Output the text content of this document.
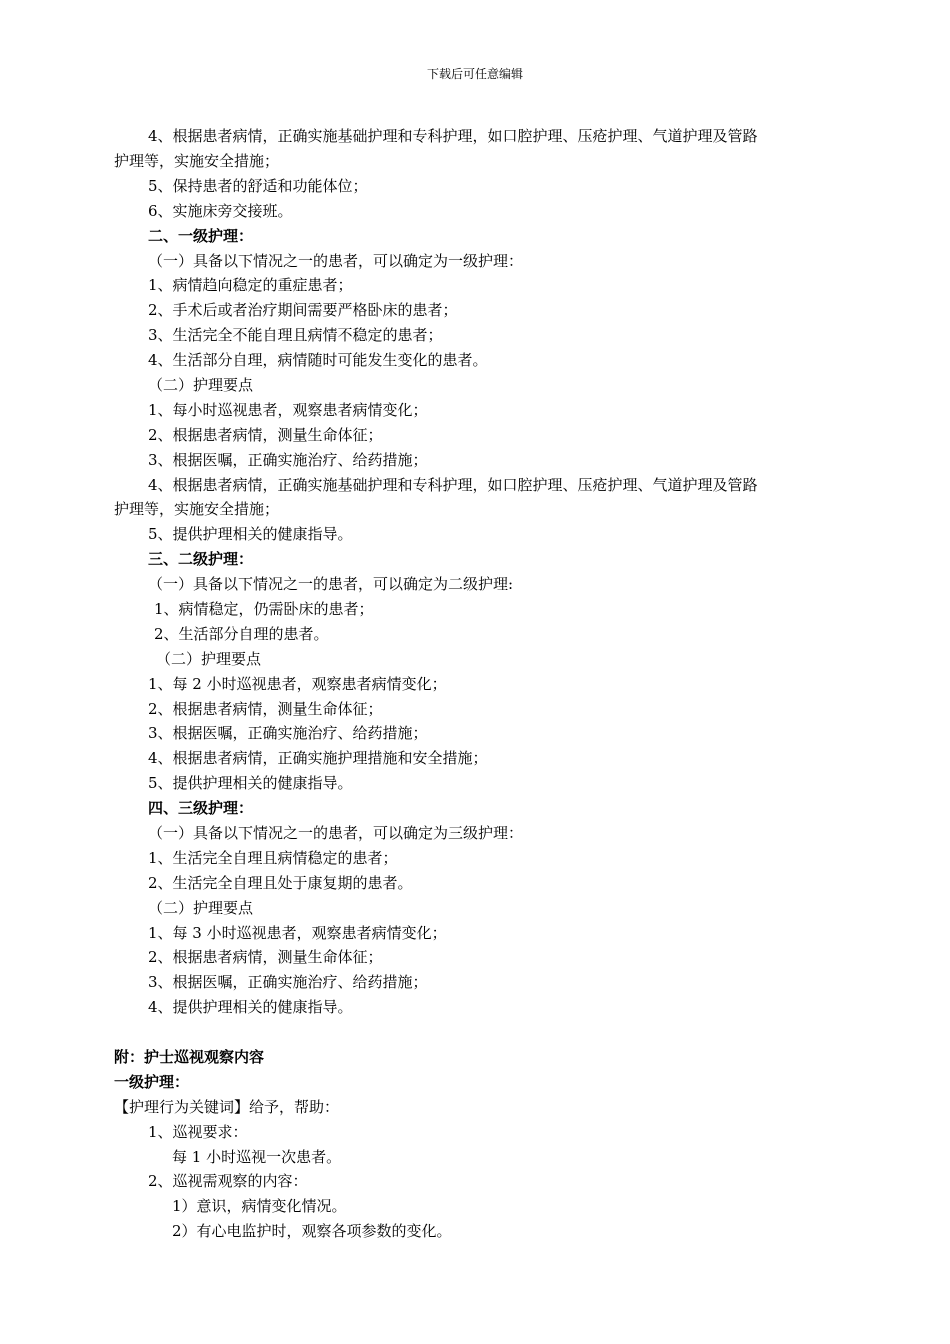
下载后可任意编辑
4、根据患者病情，正确实施基础护理和专科护理，如口腔护理、压疮护理、气道护理及管路
护理等，实施安全措施；
5、保持患者的舒适和功能体位；
6、实施床旁交接班。
二、一级护理：
（一）具备以下情况之一的患者，可以确定为一级护理：
1、病情趋向稳定的重症患者；
2、手术后或者治疗期间需要严格卧床的患者；
3、生活完全不能自理且病情不稳定的患者；
4、生活部分自理，病情随时可能发生变化的患者。
（二）护理要点
1、每小时巡视患者，观察患者病情变化；
2、根据患者病情，测量生命体征；
3、根据医嘱，正确实施治疗、给药措施；
4、根据患者病情，正确实施基础护理和专科护理，如口腔护理、压疮护理、气道护理及管路
护理等，实施安全措施；
5、提供护理相关的健康指导。
三、二级护理：
（一）具备以下情况之一的患者，可以确定为二级护理:
1、病情稳定，仍需卧床的患者；
2、生活部分自理的患者。
（二）护理要点
1、每 2 小时巡视患者，观察患者病情变化；
2、根据患者病情，测量生命体征；
3、根据医嘱，正确实施治疗、给药措施；
4、根据患者病情，正确实施护理措施和安全措施；
5、提供护理相关的健康指导。
四、三级护理：
（一）具备以下情况之一的患者，可以确定为三级护理：
1、生活完全自理且病情稳定的患者；
2、生活完全自理且处于康复期的患者。
（二）护理要点
1、每 3 小时巡视患者，观察患者病情变化；
2、根据患者病情，测量生命体征；
3、根据医嘱，正确实施治疗、给药措施；
4、提供护理相关的健康指导。
附：护士巡视观察内容
一级护理：
【护理行为关键词】给予，帮助：
1、巡视要求：
每 1 小时巡视一次患者。
2、巡视需观察的内容：
1）意识，病情变化情况。
2）有心电监护时，观察各项参数的变化。
